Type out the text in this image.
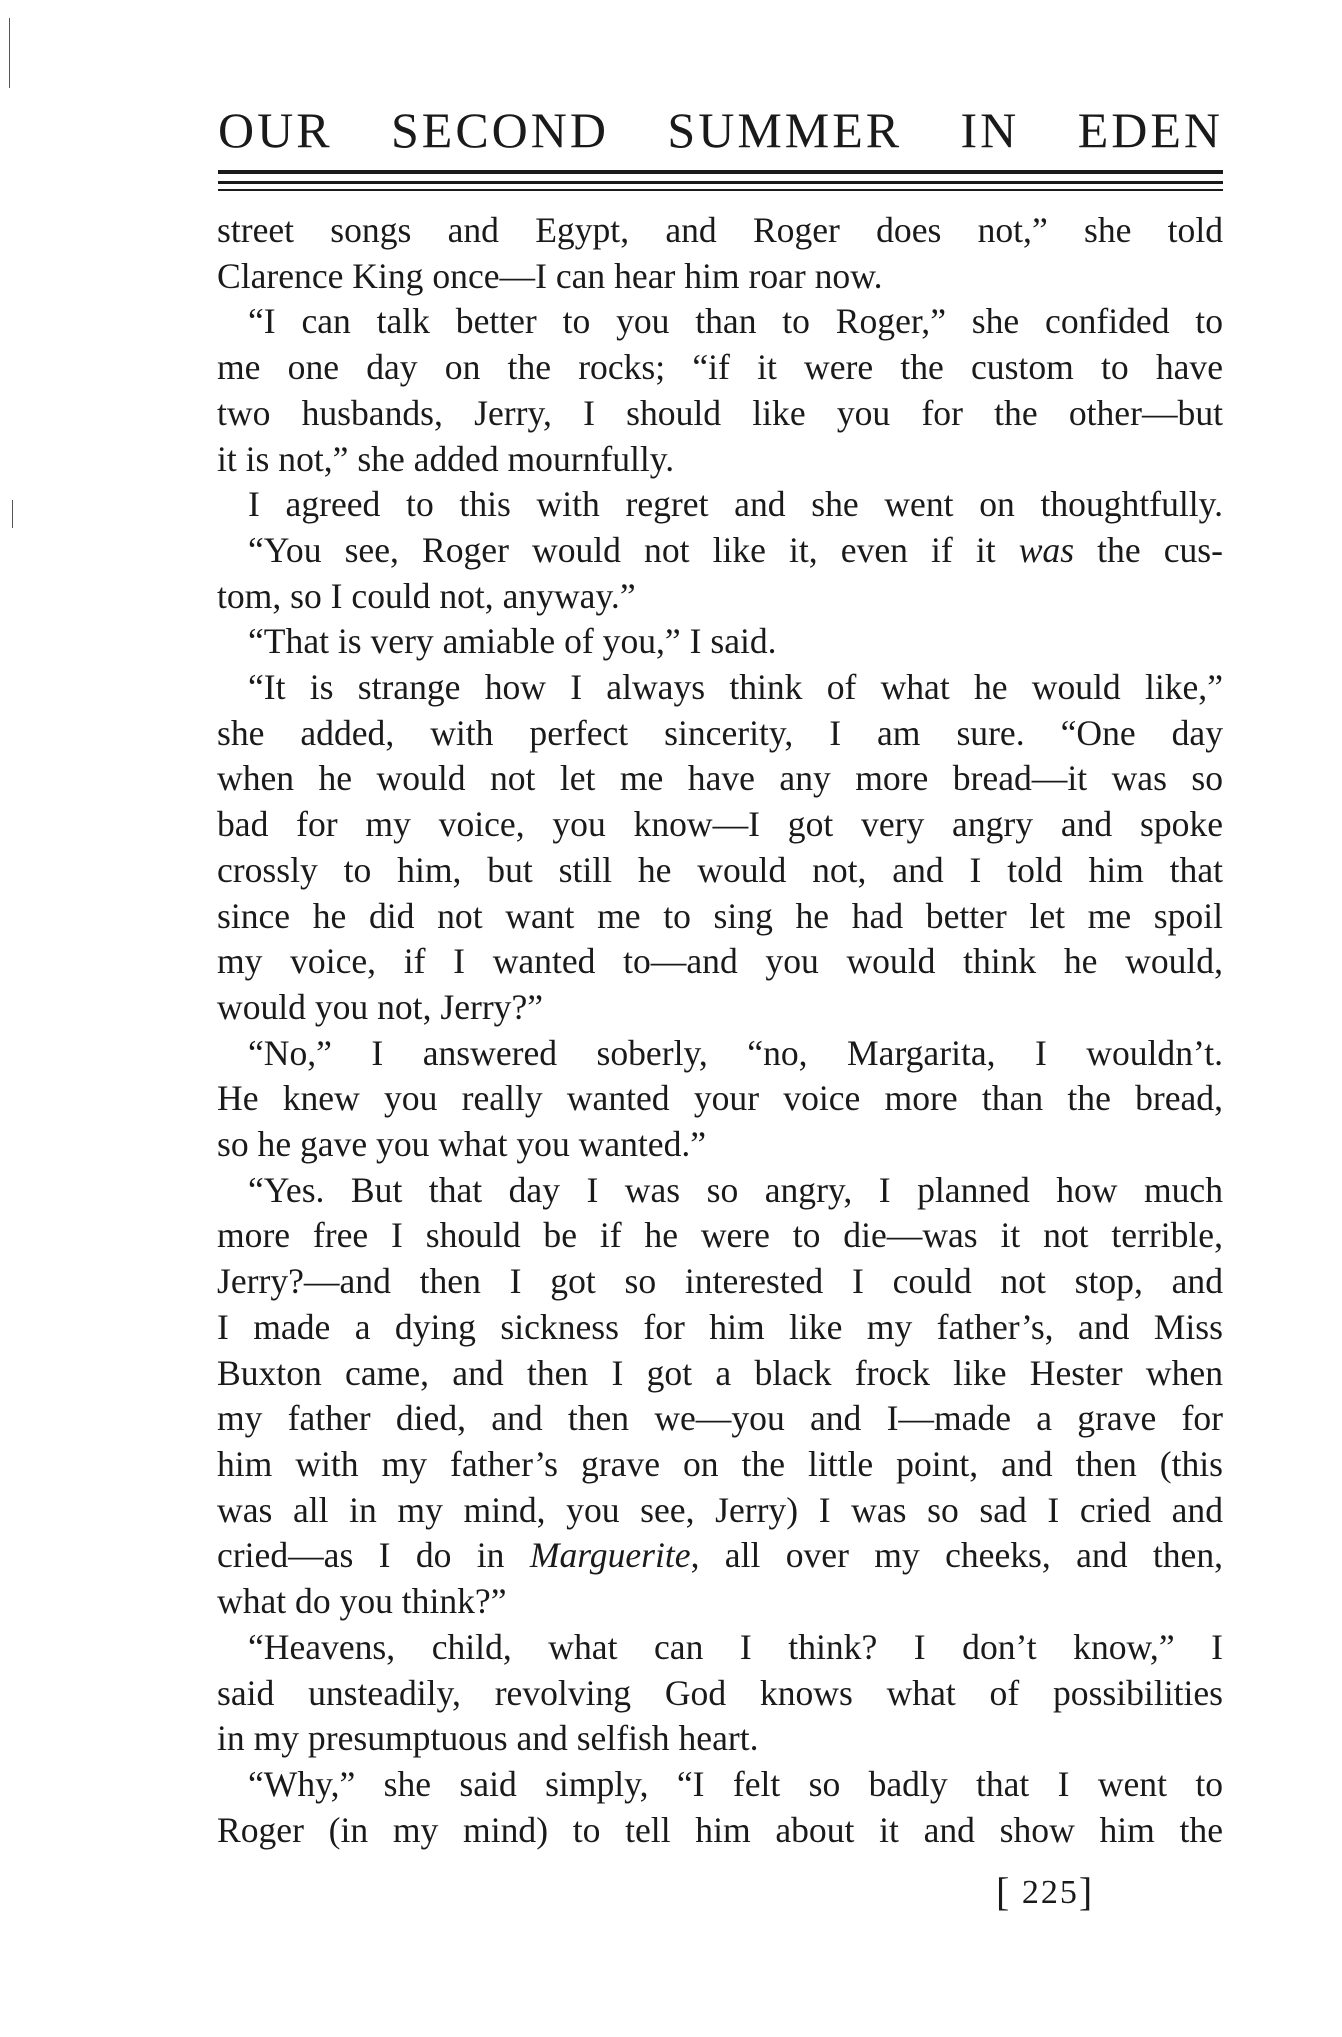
OUR SECOND SUMMER IN EDEN

street songs and Egypt, and Roger does not,” she told
Clarence King once—I can hear him roar now.

“I can talk better to you than to Roger,” she confided to
me one day on the rocks; “if it were the custom to have
two husbands, Jerry, I should like you for the other—but
it is not,” she added mournfully.

I agreed to this with regret and she went on thoughtfully.

“You see, Roger would not like it, even if it was the cus-
tom, so I could not, anyway.”

“That is very amiable of you,” I said.

“It is strange how I always think of what he would like,”
she added, with perfect sincerity, I am sure. “One day
when he would not let me have any more bread—it was so
bad for my voice, you know—I got very angry and spoke
crossly to him, but still he would not, and I told him that
since he did not want me to sing he had better let me spoil
my voice, if I wanted to—and you would think he would,
would you not, Jerry?”

“No,” I answered soberly, “no, Margarita, I wouldn’t.
He knew you really wanted your voice more than the bread,
so he gave you what you wanted.”

“Yes. But that day I was so angry, I planned how much
more free I should be if he were to die—was it not terrible,
Jerry?—and then I got so interested I could not stop, and
I made a dying sickness for him like my father’s, and Miss
Buxton came, and then I got a black frock like Hester when
my father died, and then we—you and I—made a grave for
him with my father’s grave on the little point, and then (this
was all in my mind, you see, Jerry) I was so sad I cried and
cried—as I do in Marguerite, all over my cheeks, and then,
what do you think?”

“Heavens, child, what can I think? I don’t know,” I
said unsteadily, revolving God knows what of possibilities
in my presumptuous and selfish heart.

“Why,” she said simply, “I felt so badly that I went to
Roger (in my mind) to tell him about it and show him the

[ 225]
